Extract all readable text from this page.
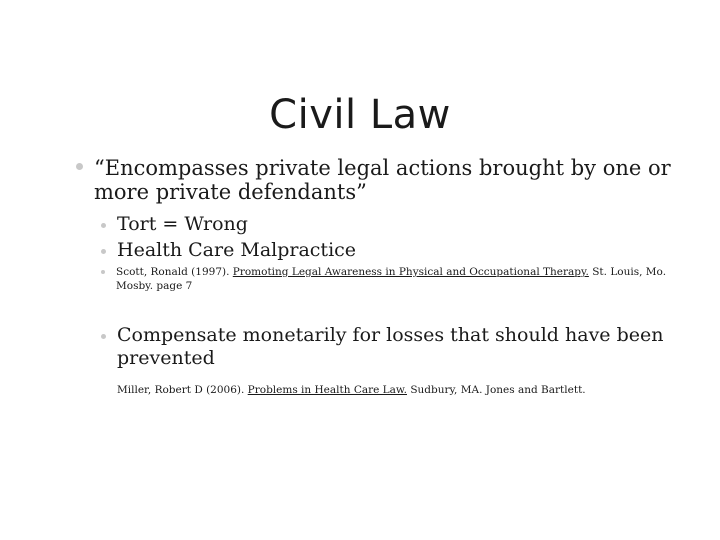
Civil Law
“Encompasses private legal actions brought by one or
more private defendants”
Tort = Wrong
Health Care Malpractice
Scott, Ronald (1997). Promoting Legal Awareness in Physical and Occupational Therapy. St. Louis, Mo.
Mosby. page 7
Compensate monetarily for losses that should have been
prevented
Miller, Robert D (2006). Problems in Health Care Law. Sudbury, MA. Jones and Bartlett.
